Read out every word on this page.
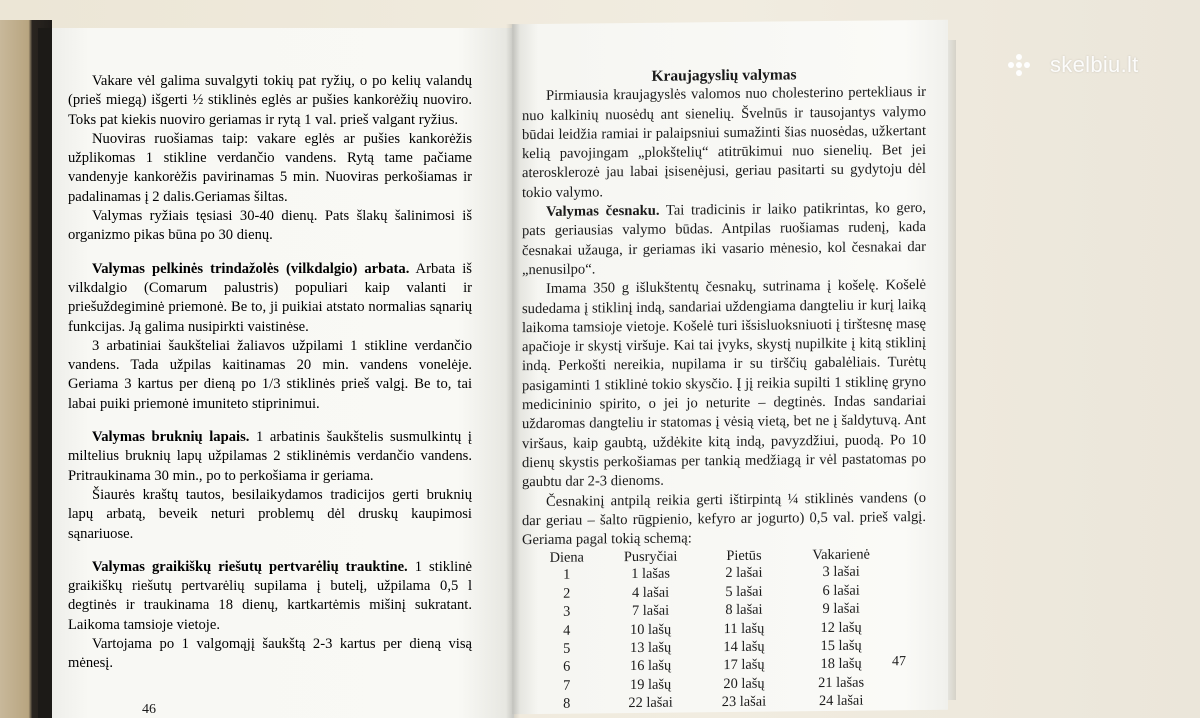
skelbiu.lt
46

Vakare vėl galima suvalgyti tokių pat ryžių, o po kelių valandų (prieš miegą) išgerti ½ stiklinės eglės ar pušies kankorėžių nuoviro. Toks pat kiekis nuoviro geriamas ir rytą 1 val. prieš valgant ryžius.

Nuoviras ruošiamas taip: vakare eglės ar pušies kankorėžis užplikomas 1 stikline verdančio vandens. Rytą tame pačiame vandenyje kankorėžis pavirinamas 5 min. Nuoviras perkošiamas ir padalinamas į 2 dalis.Geriamas šiltas.

Valymas ryžiais tęsiasi 30-40 dienų. Pats šlakų šalinimosi iš organizmo pikas būna po 30 dienų.

Valymas pelkinės trindažolės (vilkdalgio) arbata. Arbata iš vilkdalgio (Comarum palustris) populiari kaip valanti ir priešuždegiminė priemonė. Be to, ji puikiai atstato normalias sąnarių funkcijas. Ją galima nusipirkti vaistinėse.

3 arbatiniai šaukšteliai žaliavos užpilami 1 stikline verdančio vandens. Tada užpilas kaitinamas 20 min. vandens vonelėje. Geriama 3 kartus per dieną po 1/3 stiklinės prieš valgį. Be to, tai labai puiki priemonė imuniteto stiprinimui.

Valymas bruknių lapais. 1 arbatinis šaukštelis susmulkintų į miltelius bruknių lapų užpilamas 2 stiklinėmis verdančio vandens. Pritraukinama 30 min., po to perkošiama ir geriama.

Šiaurės kraštų tautos, besilaikydamos tradicijos gerti bruknių lapų arbatą, beveik neturi problemų dėl druskų kaupimosi sąnariuose.

Valymas graikiškų riešutų pertvarėlių trauktine. 1 stiklinė graikiškų riešutų pertvarėlių supilama į butelį, užpilama 0,5 l degtinės ir traukinama 18 dienų, kartkartėmis mišinį sukratant. Laikoma tamsioje vietoje.

Vartojama po 1 valgomąjį šaukštą 2-3 kartus per dieną visą mėnesį.

Kraujagyslių valymas

Pirmiausia kraujagyslės valomos nuo cholesterino pertekliaus ir nuo kalkinių nuosėdų ant sienelių. Švelnūs ir tausojantys valymo būdai leidžia ramiai ir palaipsniui sumažinti šias nuosėdas, užkertant kelią pavojingam „plokštelių“ atitrūkimui nuo sienelių. Bet jei aterosklerozė jau labai įsisenėjusi, geriau pasitarti su gydytoju dėl tokio valymo.

Valymas česnaku. Tai tradicinis ir laiko patikrintas, ko gero, pats geriausias valymo būdas. Antpilas ruošiamas rudenį, kada česnakai užauga, ir geriamas iki vasario mėnesio, kol česnakai dar „nenusilpo“.

Imama 350 g išlukštentų česnakų, sutrinama į košelę. Košelė sudedama į stiklinį indą, sandariai uždengiama dangteliu ir kurį laiką laikoma tamsioje vietoje. Košelė turi išsisluoksniuoti į tirštesnę masę apačioje ir skystį viršuje. Kai tai įvyks, skystį nupilkite į kitą stiklinį indą. Perkošti nereikia, nupilama ir su tirščių gabalėliais. Turėtų pasigaminti 1 stiklinė tokio skysčio. Į jį reikia supilti 1 stiklinę gryno medicininio spirito, o jei jo neturite – degtinės. Indas sandariai uždaromas dangteliu ir statomas į vėsią vietą, bet ne į šaldytuvą. Ant viršaus, kaip gaubtą, uždėkite kitą indą, pavyzdžiui, puodą. Po 10 dienų skystis perkošiamas per tankią medžiagą ir vėl pastatomas po gaubtu dar 2-3 dienoms.

Česnakinį antpilą reikia gerti ištirpintą ¼ stiklinės vandens (o dar geriau – šalto rūgpienio, kefyro ar jogurto) 0,5 val. prieš valgį. Geriama pagal tokią schemą:

Diena	Pusryčiai	Pietūs	Vakarienė
1	1 lašas	2 lašai	3 lašai
2	4 lašai	5 lašai	6 lašai
3	7 lašai	8 lašai	9 lašai
4	10 lašų	11 lašų	12 lašų
5	13 lašų	14 lašų	15 lašų
6	16 lašų	17 lašų	18 lašų
7	19 lašų	20 lašų	21 lašas
8	22 lašai	23 lašai	24 lašai
47
